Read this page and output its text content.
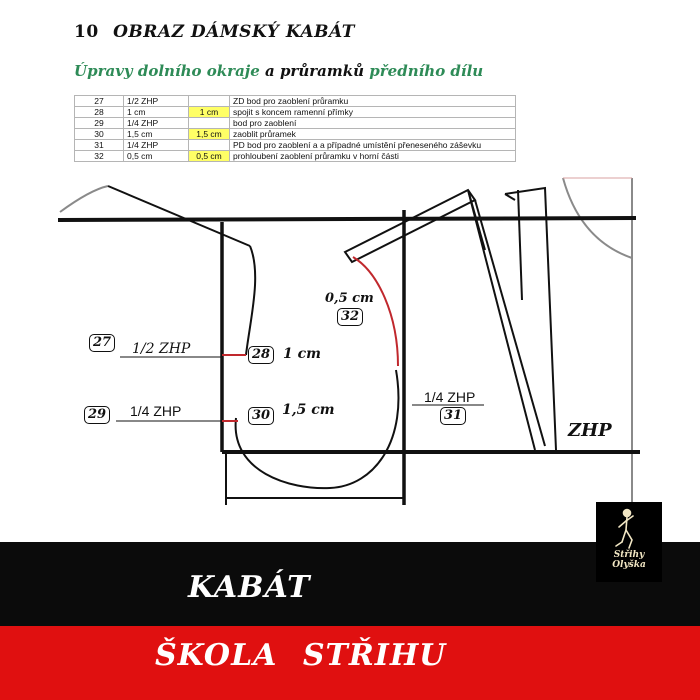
10 OBRAZ DÁMSKÝ KABÁT
Úpravy dolního okraje a průramků předního dílu
27	1/2 ZHP		ZD bod pro zaoblení průramku
28	1 cm	1 cm	spojit s koncem ramenní přímky
29	1/4 ZHP		bod pro zaoblení
30	1,5 cm	1,5 cm	zaoblit průramek
31	1/4 ZHP		PD bod pro zaoblení a a případné umístění přeneseného záševku
32	0,5 cm	0,5 cm	prohloubení zaoblení průramku v horní části
27 1/2 ZHP	28 1 cm
29 1/4 ZHP	30 1,5 cm
1/4 ZHP
31
0,5 cm
32
ZHP
KABÁT
ŠKOLA STŘIHU
Střihy
Olyška
